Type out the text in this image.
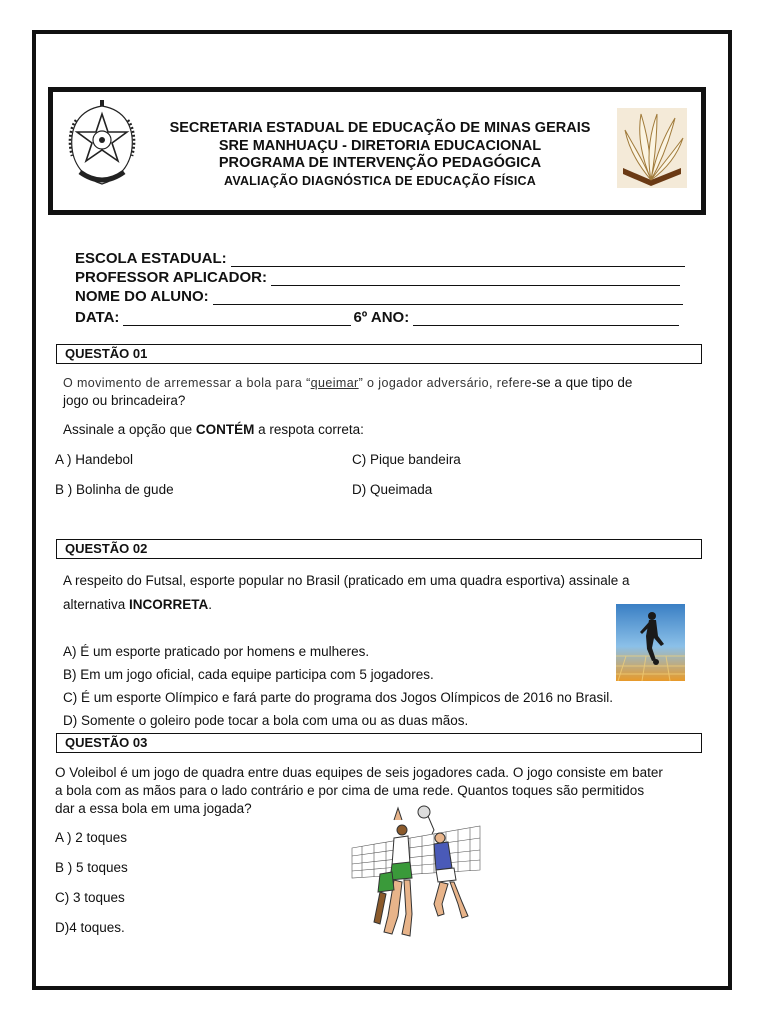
SECRETARIA ESTADUAL DE EDUCAÇÃO DE MINAS GERAIS
SRE MANHUAÇU - DIRETORIA EDUCACIONAL
PROGRAMA DE INTERVENÇÃO PEDAGÓGICA
AVALIAÇÃO DIAGNÓSTICA DE EDUCAÇÃO FÍSICA
ESCOLA ESTADUAL:
PROFESSOR APLICADOR:
NOME DO ALUNO:
DATA:	6º ANO:
QUESTÃO 01
O movimento de arremessar a bola para “queimar” o jogador adversário, refere-se a que tipo de
jogo ou brincadeira?
Assinale a opção que CONTÉM a respota correta:
A ) Handebol
B ) Bolinha de gude
C) Pique bandeira
D) Queimada
QUESTÃO 02
A respeito do Futsal, esporte popular no Brasil (praticado em uma quadra esportiva) assinale a
alternativa INCORRETA.
A) É um esporte praticado por homens e mulheres.
B) Em um jogo oficial, cada equipe participa com 5 jogadores.
C) É um esporte Olímpico e fará parte do programa dos Jogos Olímpicos de 2016 no Brasil.
D) Somente o goleiro pode tocar a bola com uma ou as duas mãos.
QUESTÃO 03
O Voleibol é um jogo de quadra entre duas equipes de seis jogadores cada. O jogo consiste em bater
a bola com as mãos para o lado contrário e por cima de uma rede. Quantos toques são permitidos
dar a essa bola em uma jogada?
A ) 2 toques
B ) 5 toques
C) 3 toques
D)4 toques.
